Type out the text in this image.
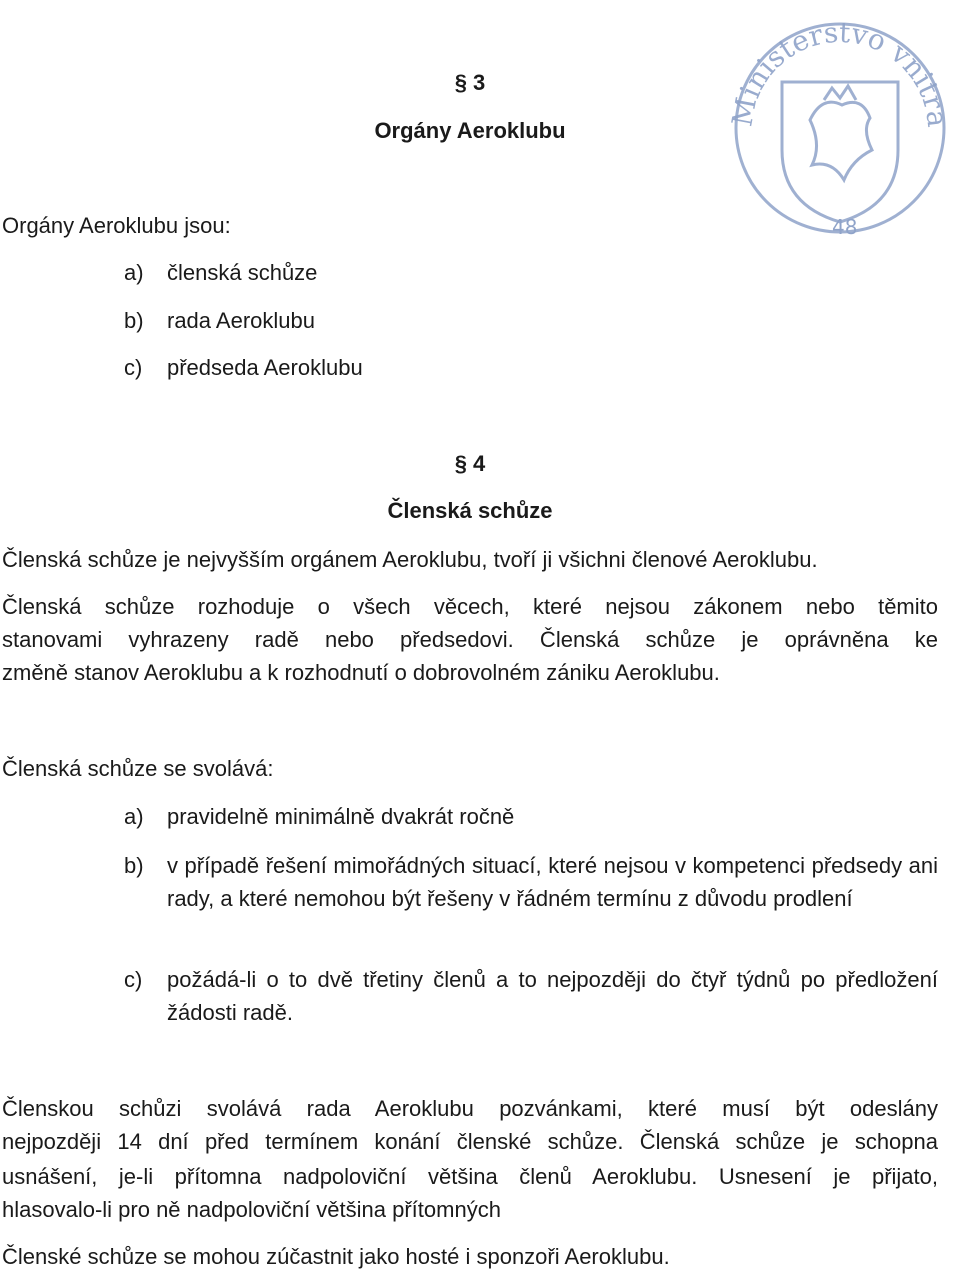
Ministerstvo vnitra
48
§ 3
Orgány Aeroklubu
Orgány Aeroklubu jsou:
a)	členská schůze
b)	rada Aeroklubu
c)	předseda Aeroklubu
§ 4
Členská schůze
Členská schůze je nejvyšším orgánem Aeroklubu, tvoří ji všichni členové Aeroklubu.
Členská schůze rozhoduje o všech věcech, které nejsou zákonem nebo těmito
stanovami vyhrazeny radě nebo předsedovi. Členská schůze je oprávněna ke
změně stanov Aeroklubu a k rozhodnutí o dobrovolném zániku Aeroklubu.
Členská schůze se svolává:
a)	pravidelně minimálně dvakrát ročně
b)	v případě řešení mimořádných situací, které nejsou v kompetenci předsedy ani rady, a které nemohou být řešeny v řádném termínu z důvodu prodlení
c)	požádá-li o to dvě třetiny členů a to nejpozději do čtyř týdnů po předložení žádosti radě.
Členskou schůzi svolává rada Aeroklubu pozvánkami, které musí být odeslány
nejpozději 14 dní před termínem konání členské schůze. Členská schůze je schopna
usnášení, je-li přítomna nadpoloviční většina členů Aeroklubu. Usnesení je přijato,
hlasovalo-li pro ně nadpoloviční většina přítomných
Členské schůze se mohou zúčastnit jako hosté i sponzoři Aeroklubu.
